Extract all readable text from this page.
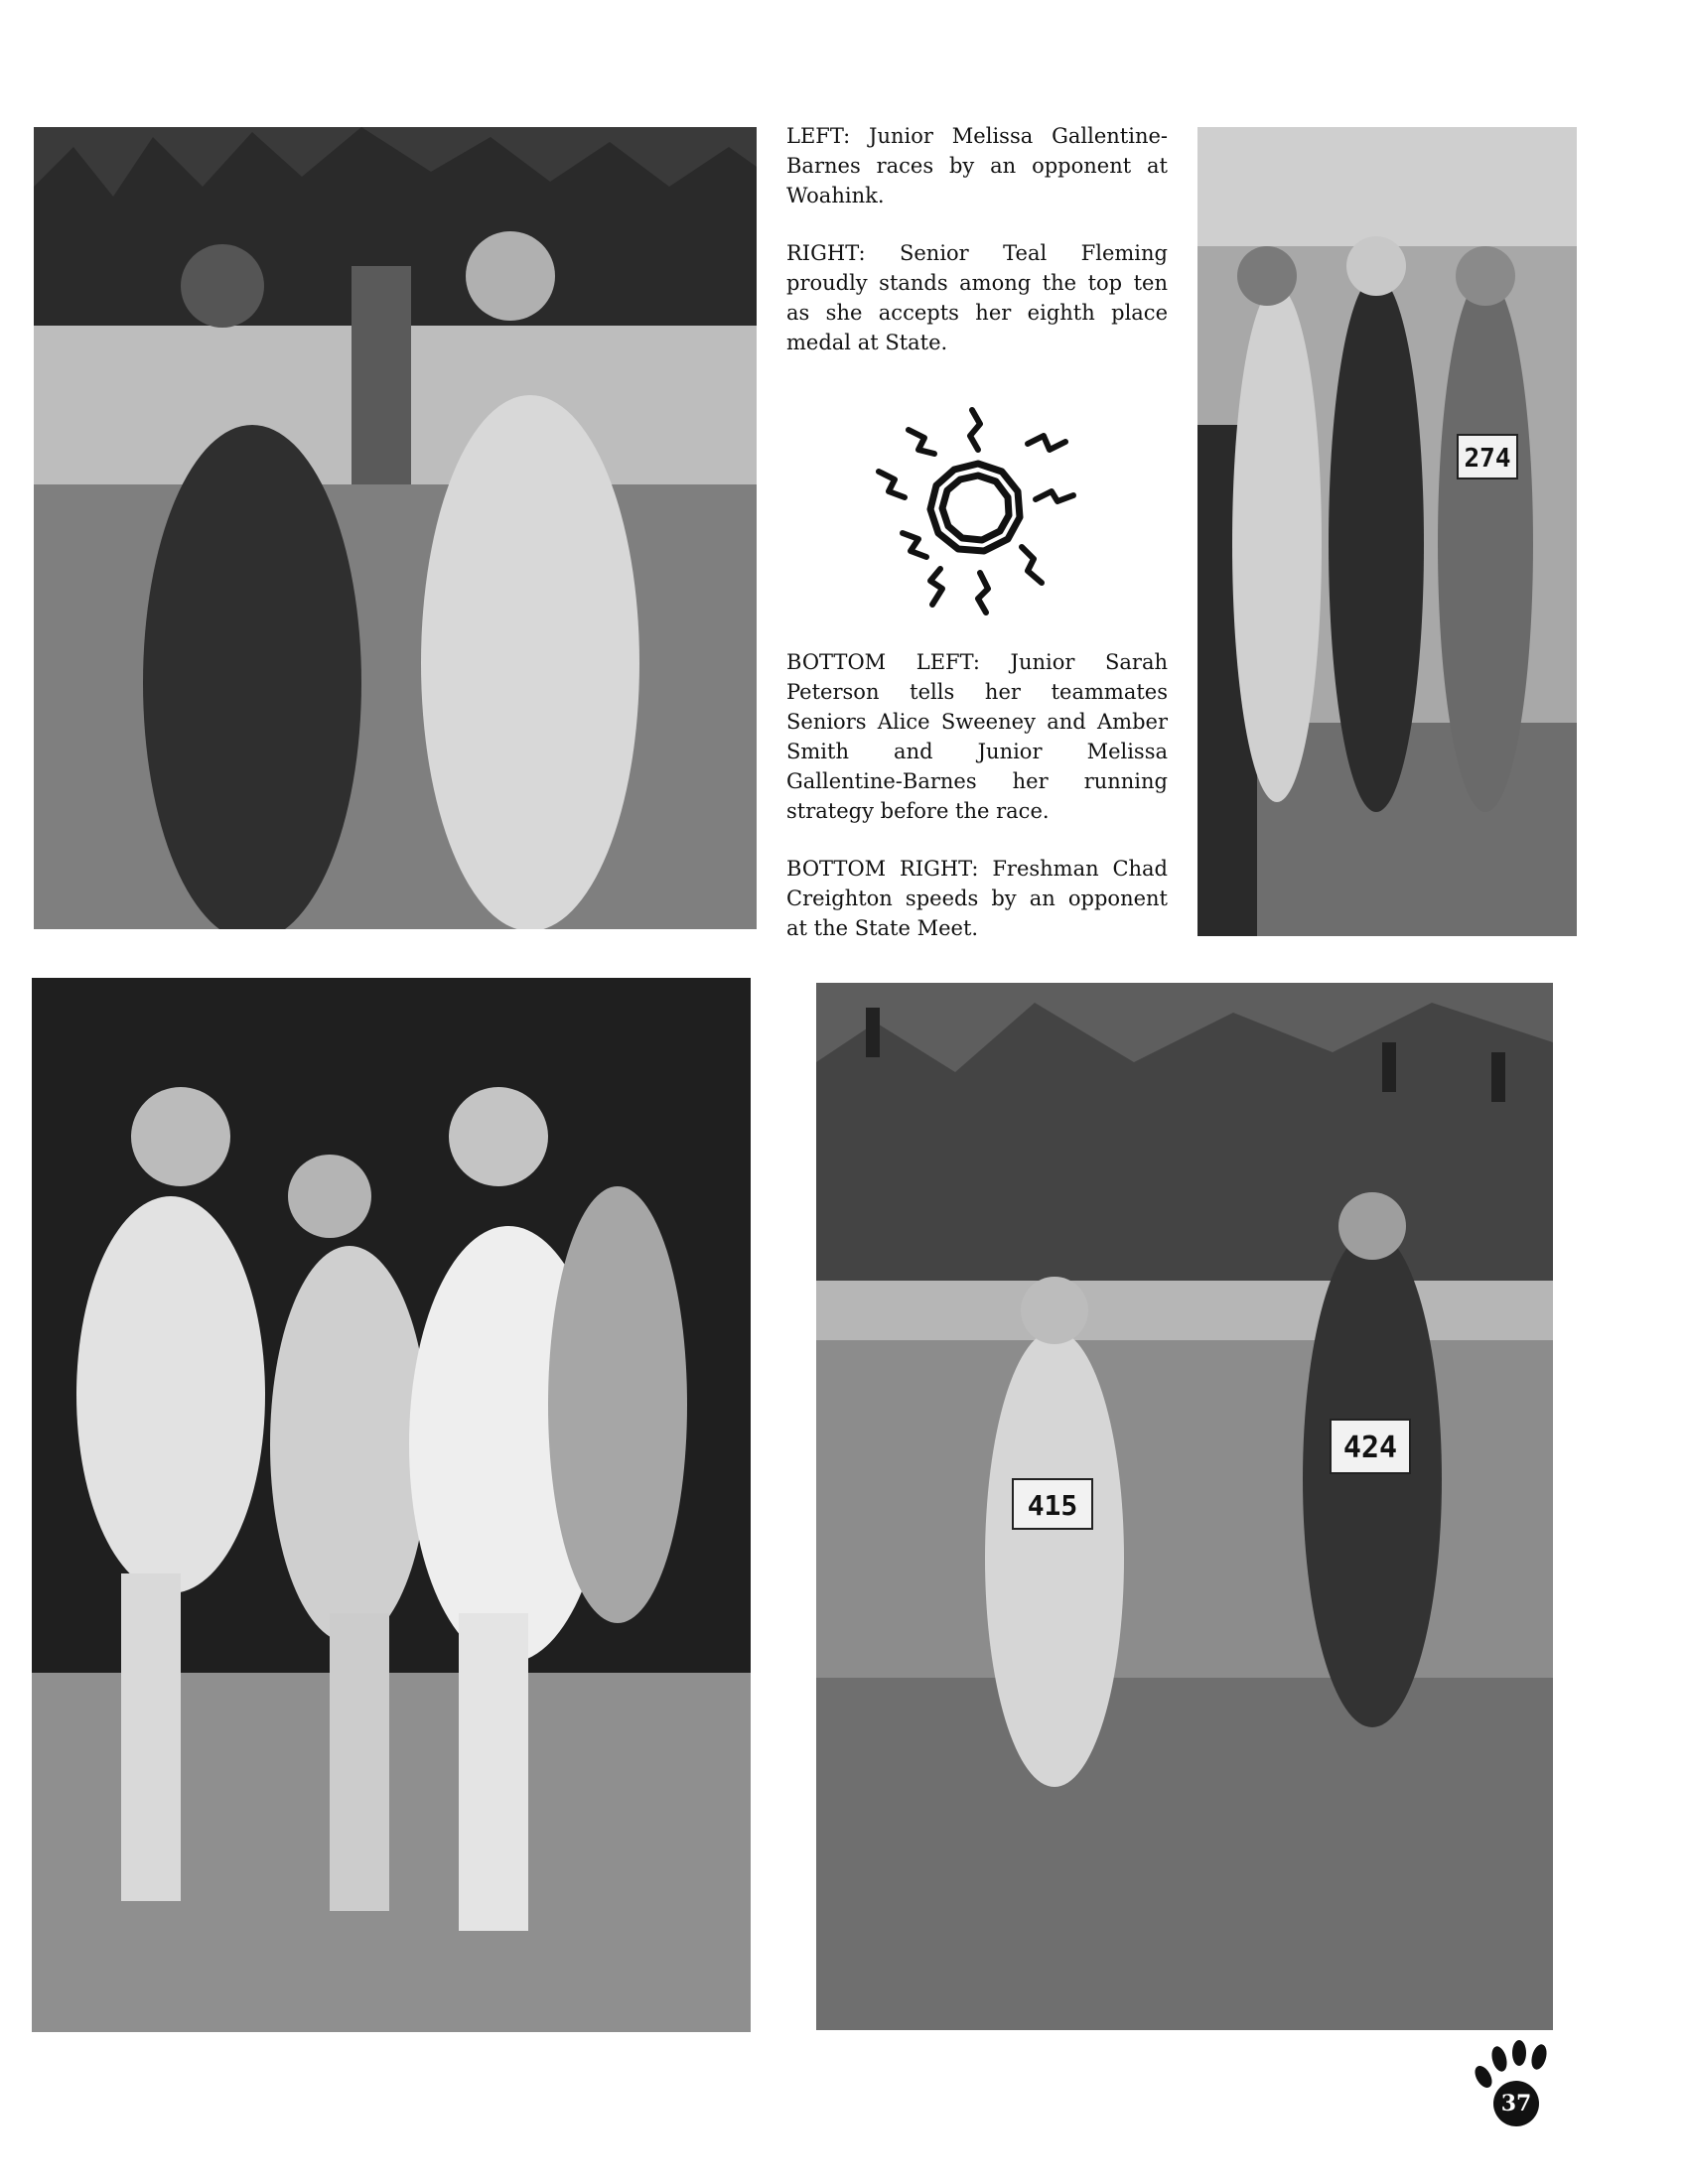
LEFT: Junior Melissa Gallentine-Barnes races by an opponent at Woahink.

RIGHT: Senior Teal Fleming proudly stands among the top ten as she accepts her eighth place medal at State.

BOTTOM LEFT: Junior Sarah Peterson tells her teammates Seniors Alice Sweeney and Amber Smith and Junior Melissa Gallentine-Barnes her running strategy before the race.

BOTTOM RIGHT: Freshman Chad Creighton speeds by an opponent at the State Meet.

274
415
424
37
